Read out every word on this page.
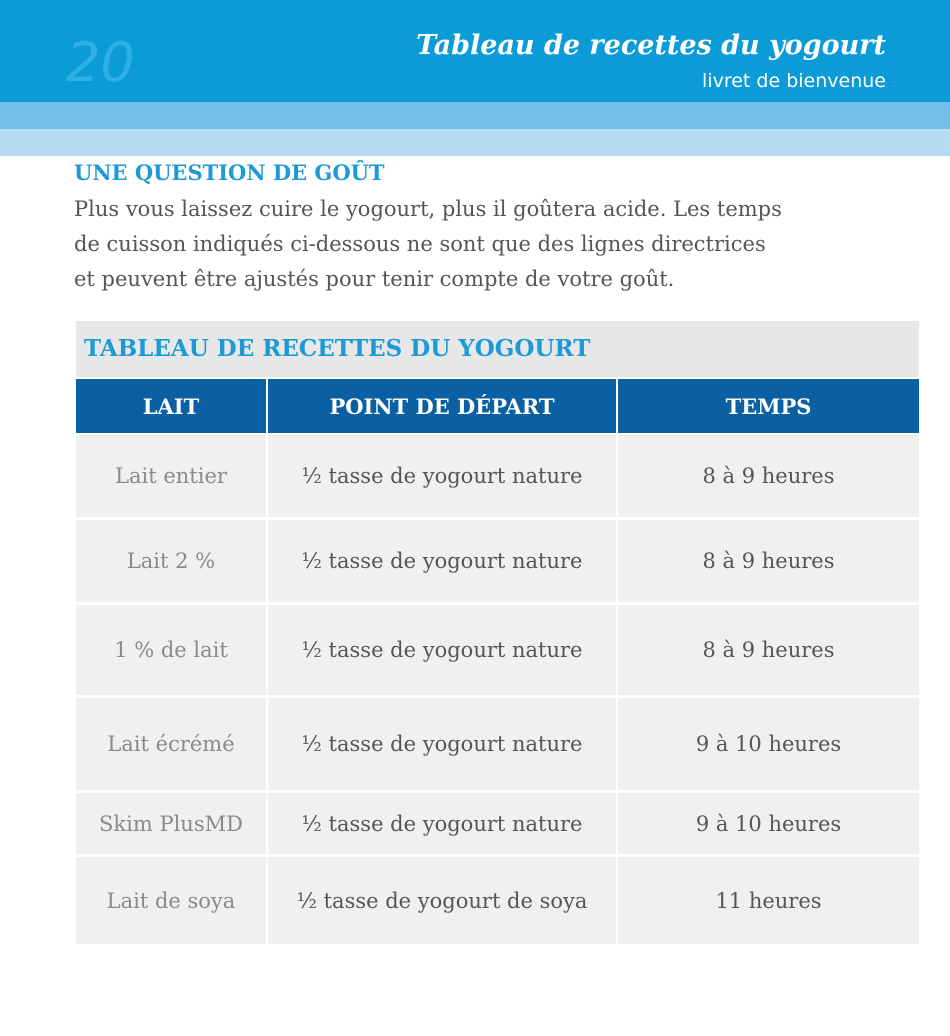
20	Tableau de recettes du yogourt
livret de bienvenue
UNE QUESTION DE GOÛT

Plus vous laissez cuire le yogourt, plus il goûtera acide. Les temps
de cuisson indiqués ci-dessous ne sont que des lignes directrices
et peuvent être ajustés pour tenir compte de votre goût.

TABLEAU DE RECETTES DU YOGOURT
LAIT	POINT DE DÉPART	TEMPS
Lait entier	½ tasse de yogourt nature	8 à 9 heures
Lait 2 %	½ tasse de yogourt nature	8 à 9 heures
1 % de lait	½ tasse de yogourt nature	8 à 9 heures
Lait écrémé	½ tasse de yogourt nature	9 à 10 heures
Skim PlusMD	½ tasse de yogourt nature	9 à 10 heures
Lait de soya	½ tasse de yogourt de soya	11 heures
